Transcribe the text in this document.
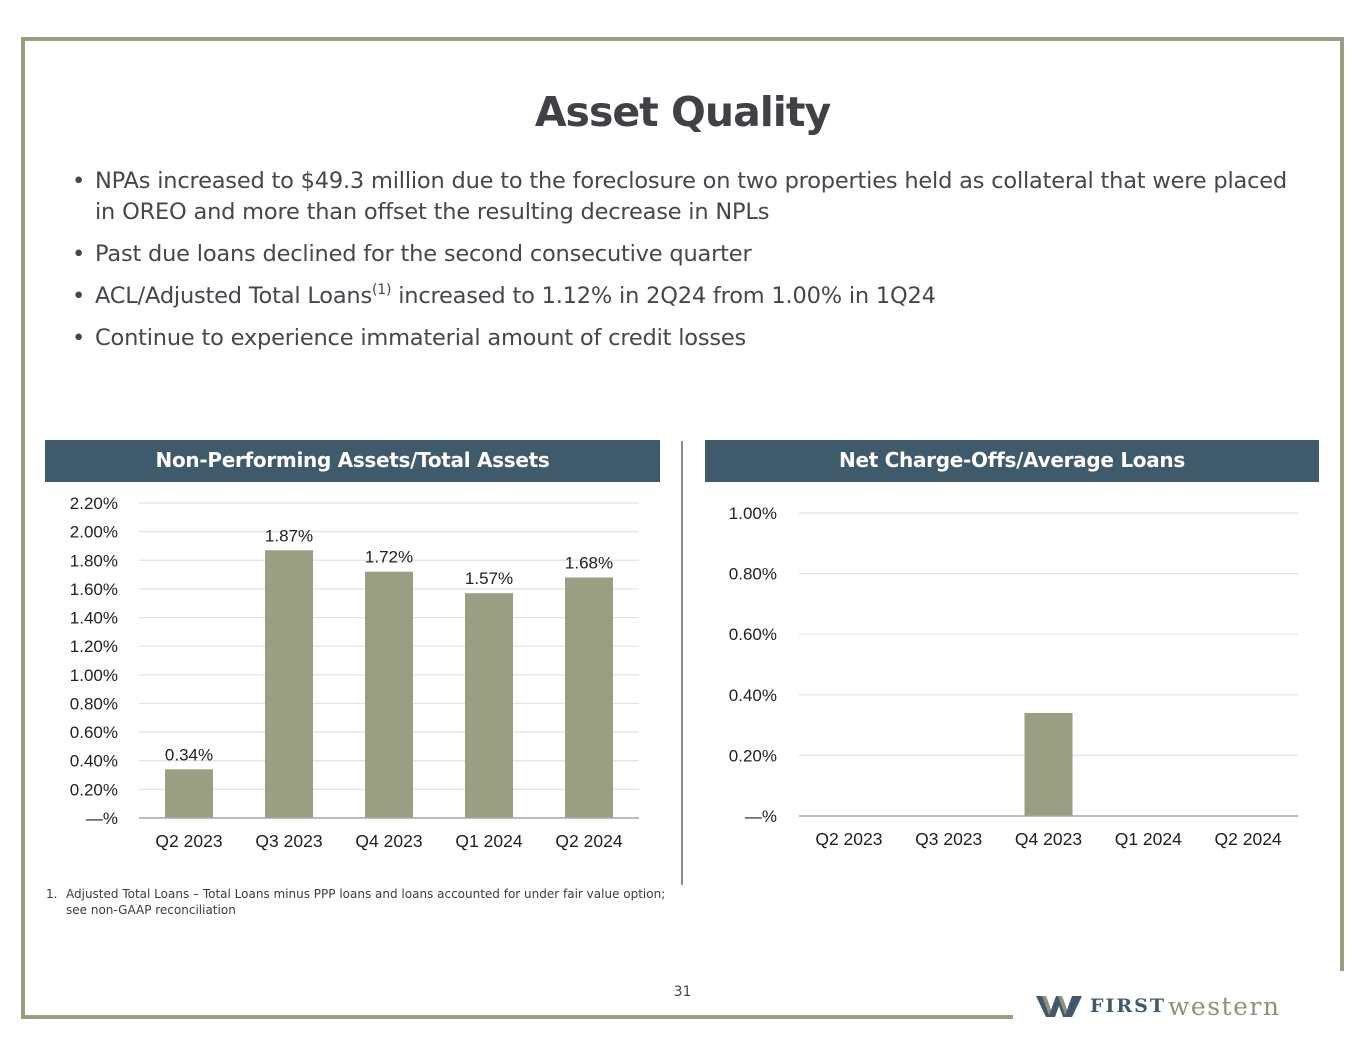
Asset Quality
• NPAs increased to $49.3 million due to the foreclosure on two properties held as collateral that were placed in OREO and more than offset the resulting decrease in NPLs
• Past due loans declined for the second consecutive quarter
• ACL/Adjusted Total Loans$^{(1)}$ increased to 1.12% in 2Q24 from 1.00% in 1Q24
• Continue to experience immaterial amount of credit losses
Non-Performing Assets/Total Assets	Net Charge-Offs/Average Loans
—%
0.20%
0.40%
0.60%
0.80%
1.00%
1.20%
1.40%
1.60%
1.80%
2.00%
2.20%
0.34%
Q2 2023
1.87%
Q3 2023
1.72%
Q4 2023
1.57%
Q1 2024
1.68%
Q2 2024
—%
0.20%
0.40%
0.60%
0.80%
1.00%
Q2 2023 Q3 2023 Q4 2023 Q1 2024 Q2 2024
1. Adjusted Total Loans – Total Loans minus PPP loans and loans accounted for under fair value option; see non-GAAP reconciliation
31
FIRST western
